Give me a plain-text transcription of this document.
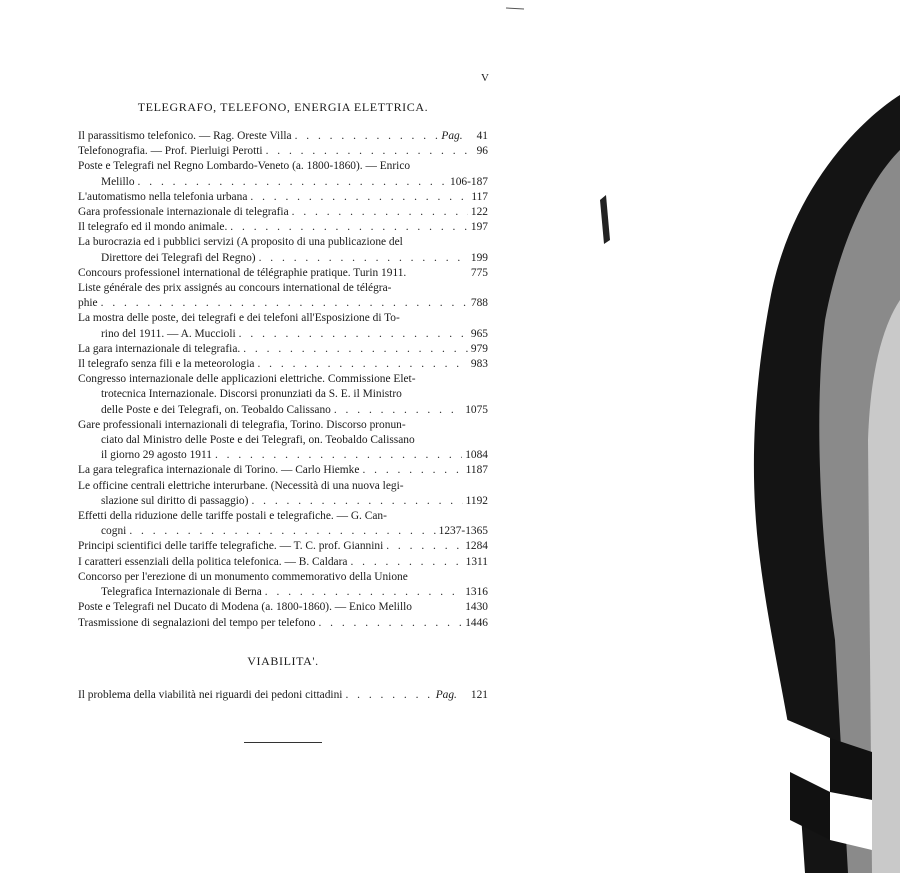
V
TELEGRAFO, TELEFONO, ENERGIA ELETTRICA.
Il parassitismo telefonico. — Rag. Oreste Villa . . .	Pag. 41
Telefonografia. — Prof. Pierluigi Perotti . . .	96
Poste e Telegrafi nel Regno Lombardo-Veneto (a. 1800-1860). — Enrico
Melillo . . .	106-187
L'automatismo nella telefonia urbana . . .	117
Gara professionale internazionale di telegrafia . . .	122
Il telegrafo ed il mondo animale. . . .	197
La burocrazia ed i pubblici servizi (A proposito di una publicazione del
Direttore dei Telegrafi del Regno) . . .	199
Concours professionel international de télégraphie pratique. Turin 1911.	775
Liste générale des prix assignés au concours international de télégra-
phie . . .	788
La mostra delle poste, dei telegrafi e dei telefoni all'Esposizione di To-
rino del 1911. — A. Muccioli . . .	965
La gara internazionale di telegrafia. . . .	979
Il telegrafo senza fili e la meteorologia . . .	983
Congresso internazionale delle applicazioni elettriche. Commissione Elet-
trotecnica Internazionale. Discorsi pronunziati da S. E. il Ministro
delle Poste e dei Telegrafi, on. Teobaldo Calissano . . .	1075
Gare professionali internazionali di telegrafia, Torino. Discorso pronun-
ciato dal Ministro delle Poste e dei Telegrafi, on. Teobaldo Calissano
il giorno 29 agosto 1911 . . .	1084
La gara telegrafica internazionale di Torino. — Carlo Hiemke . . .	1187
Le officine centrali elettriche interurbane. (Necessità di una nuova legi-
slazione sul diritto di passaggio) . . .	1192
Effetti della riduzione delle tariffe postali e telegrafiche. — G. Can-
cogni . . .	1237-1365
Principi scientifici delle tariffe telegrafiche. — T. C. prof. Giannini . . .	1284
I caratteri essenziali della politica telefonica. — B. Caldara . . .	1311
Concorso per l'erezione di un monumento commemorativo della Unione
Telegrafica Internazionale di Berna . . .	1316
Poste e Telegrafi nel Ducato di Modena (a. 1800-1860). — Enico Melillo	1430
Trasmissione di segnalazioni del tempo per telefono . . .	1446
VIABILITA'.
Il problema della viabilità nei riguardi dei pedoni cittadini . . .	Pag. 121
